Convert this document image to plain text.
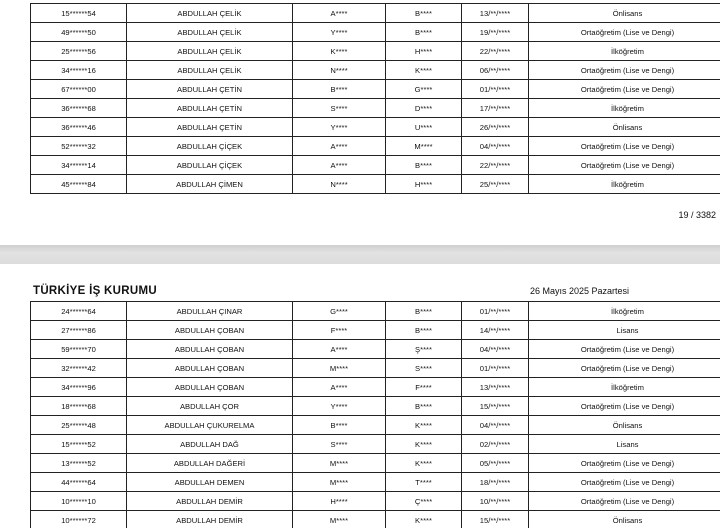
15******54	ABDULLAH ÇELİK	A****	B****	13/**/****	Önlisans
49******50	ABDULLAH ÇELİK	Y****	B****	19/**/****	Ortaöğretim (Lise ve Dengi)
25******56	ABDULLAH ÇELİK	K****	H****	22/**/****	İlköğretim
34******16	ABDULLAH ÇELİK	N****	K****	06/**/****	Ortaöğretim (Lise ve Dengi)
67******00	ABDULLAH ÇETİN	B****	G****	01/**/****	Ortaöğretim (Lise ve Dengi)
36******68	ABDULLAH ÇETİN	S****	D****	17/**/****	İlköğretim
36******46	ABDULLAH ÇETİN	Y****	U****	26/**/****	Önlisans
52******32	ABDULLAH ÇİÇEK	A****	M****	04/**/****	Ortaöğretim (Lise ve Dengi)
34******14	ABDULLAH ÇİÇEK	A****	B****	22/**/****	Ortaöğretim (Lise ve Dengi)
45******84	ABDULLAH ÇİMEN	N****	H****	25/**/****	İlköğretim
19 / 3382
TÜRKİYE İŞ KURUMU	26 Mayıs 2025 Pazartesi
24******64	ABDULLAH ÇINAR	G****	B****	01/**/****	İlköğretim
27******86	ABDULLAH ÇOBAN	F****	B****	14/**/****	Lisans
59******70	ABDULLAH ÇOBAN	A****	Ş****	04/**/****	Ortaöğretim (Lise ve Dengi)
32******42	ABDULLAH ÇOBAN	M****	S****	01/**/****	Ortaöğretim (Lise ve Dengi)
34******96	ABDULLAH ÇOBAN	A****	F****	13/**/****	İlköğretim
18******68	ABDULLAH ÇOR	Y****	B****	15/**/****	Ortaöğretim (Lise ve Dengi)
25******48	ABDULLAH ÇUKURELMA	B****	K****	04/**/****	Önlisans
15******52	ABDULLAH DAĞ	S****	K****	02/**/****	Lisans
13******52	ABDULLAH DAĞERİ	M****	K****	05/**/****	Ortaöğretim (Lise ve Dengi)
44******64	ABDULLAH DEMEN	M****	T****	18/**/****	Ortaöğretim (Lise ve Dengi)
10******10	ABDULLAH DEMİR	H****	Ç****	10/**/****	Ortaöğretim (Lise ve Dengi)
10******72	ABDULLAH DEMİR	M****	K****	15/**/****	Önlisans
